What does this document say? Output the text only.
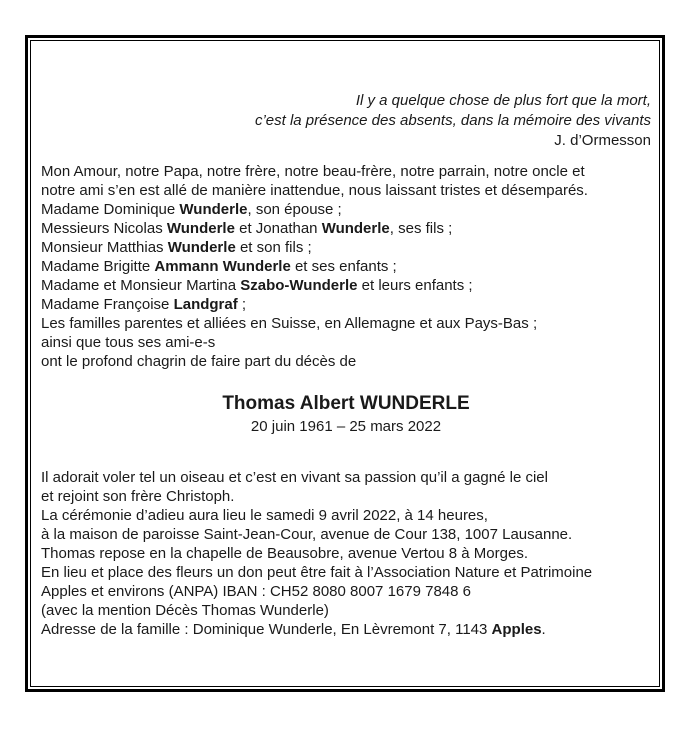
Il y a quelque chose de plus fort que la mort,
c’est la présence des absents, dans la mémoire des vivants
J. d’Ormesson
Mon Amour, notre Papa, notre frère, notre beau-frère, notre parrain, notre oncle et
notre ami s’en est allé de manière inattendue, nous laissant tristes et désemparés.
Madame Dominique Wunderle, son épouse ;
Messieurs Nicolas Wunderle et Jonathan Wunderle, ses fils ;
Monsieur Matthias Wunderle et son fils ;
Madame Brigitte Ammann Wunderle et ses enfants ;
Madame et Monsieur Martina Szabo-Wunderle et leurs enfants ;
Madame Françoise Landgraf ;
Les familles parentes et alliées en Suisse, en Allemagne et aux Pays-Bas ;
ainsi que tous ses ami-e-s
ont le profond chagrin de faire part du décès de
Thomas Albert WUNDERLE
20 juin 1961 – 25 mars 2022
Il adorait voler tel un oiseau et c’est en vivant sa passion qu’il a gagné le ciel
et rejoint son frère Christoph.
La cérémonie d’adieu aura lieu le samedi 9 avril 2022, à 14 heures,
à la maison de paroisse Saint-Jean-Cour, avenue de Cour 138, 1007 Lausanne.
Thomas repose en la chapelle de Beausobre, avenue Vertou 8 à Morges.
En lieu et place des fleurs un don peut être fait à l’Association Nature et Patrimoine
Apples et environs (ANPA) IBAN : CH52 8080 8007 1679 7848 6
(avec la mention Décès Thomas Wunderle)
Adresse de la famille : Dominique Wunderle, En Lèvremont 7, 1143 Apples.
